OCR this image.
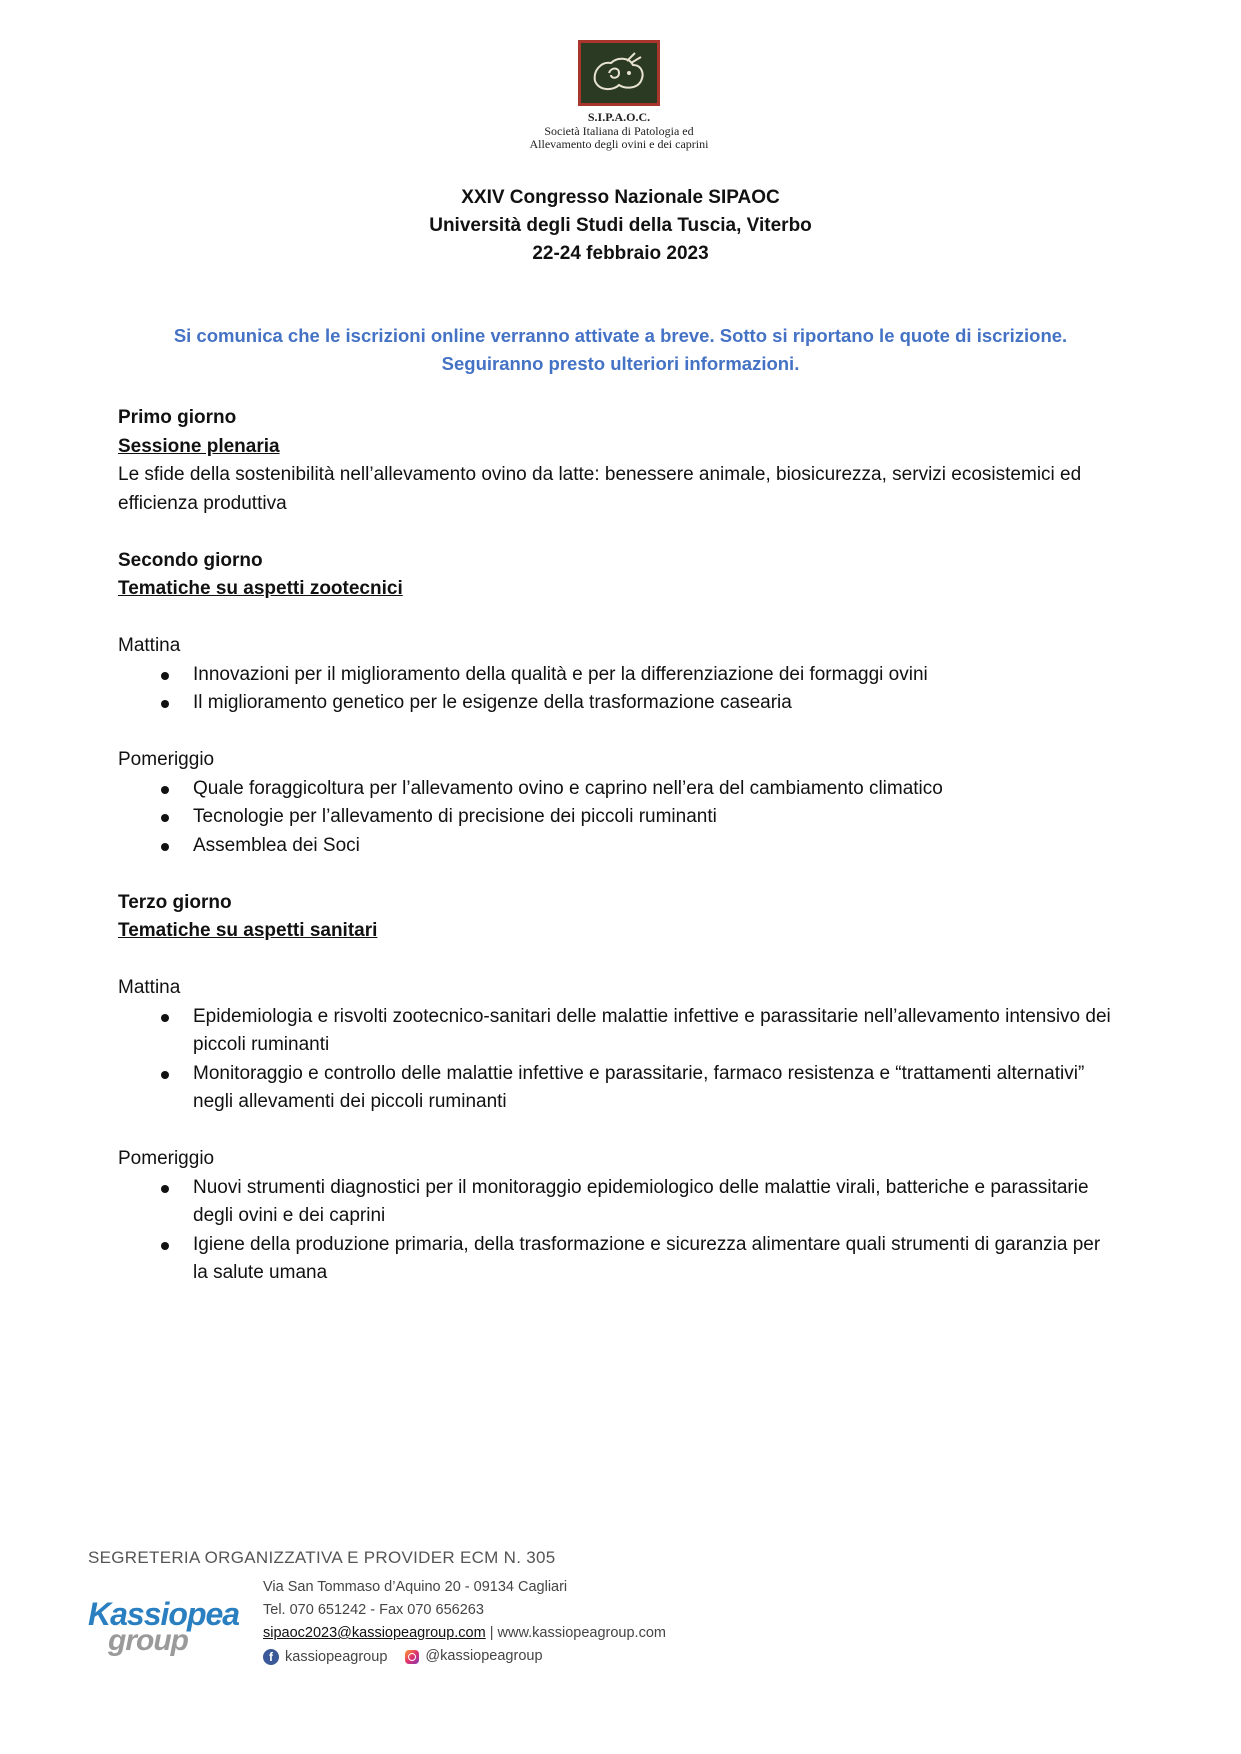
S.I.P.A.O.C.
Società Italiana di Patologia ed
Allevamento degli ovini e dei caprini

XXIV Congresso Nazionale SIPAOC

Università degli Studi della Tuscia, Viterbo

22-24 febbraio 2023

Si comunica che le iscrizioni online verranno attivate a breve. Sotto si riportano le quote di iscrizione.

Seguiranno presto ulteriori informazioni.

Primo giorno

Sessione plenaria

Le sfide della sostenibilità nell’allevamento ovino da latte: benessere animale, biosicurezza, servizi ecosistemici ed efficienza produttiva

Secondo giorno

Tematiche su aspetti zootecnici

Mattina

Innovazioni per il miglioramento della qualità e per la differenziazione dei formaggi ovini
Il miglioramento genetico per le esigenze della trasformazione casearia

Pomeriggio

Quale foraggicoltura per l’allevamento ovino e caprino nell’era del cambiamento climatico
Tecnologie per l’allevamento di precisione dei piccoli ruminanti
Assemblea dei Soci

Terzo giorno

Tematiche su aspetti sanitari

Mattina

Epidemiologia e risvolti zootecnico-sanitari delle malattie infettive e parassitarie nell’allevamento intensivo dei piccoli ruminanti
Monitoraggio e controllo delle malattie infettive e parassitarie, farmaco resistenza e “trattamenti alternativi” negli allevamenti dei piccoli ruminanti

Pomeriggio

Nuovi strumenti diagnostici per il monitoraggio epidemiologico delle malattie virali, batteriche e parassitarie degli ovini e dei caprini
Igiene della produzione primaria, della trasformazione e sicurezza alimentare quali strumenti di garanzia per la salute umana
SEGRETERIA ORGANIZZATIVA E PROVIDER ECM N. 305
Kassiopea
group

Via San Tommaso d’Aquino 20 - 09134 Cagliari

Tel. 070 651242 - Fax 070 656263

sipaoc2023@kassiopeagroup.com | www.kassiopeagroup.com

f kassiopeagroup
	@kassiopeagroup
